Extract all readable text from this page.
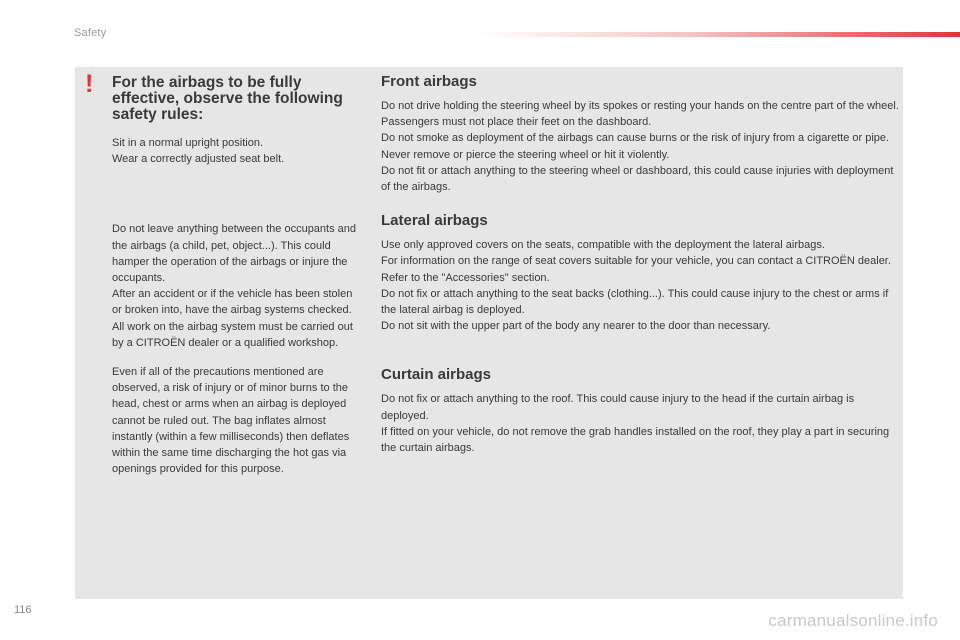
Safety
! For the airbags to be fully effective, observe the following safety rules:

Sit in a normal upright position.
Wear a correctly adjusted seat belt.

Do not leave anything between the occupants and the airbags (a child, pet, object...). This could hamper the operation of the airbags or injure the occupants.
After an accident or if the vehicle has been stolen or broken into, have the airbag systems checked.
All work on the airbag system must be carried out by a CITROËN dealer or a qualified workshop.

Even if all of the precautions mentioned are observed, a risk of injury or of minor burns to the head, chest or arms when an airbag is deployed cannot be ruled out. The bag inflates almost instantly (within a few milliseconds) then deflates within the same time discharging the hot gas via openings provided for this purpose.

Front airbags

Do not drive holding the steering wheel by its spokes or resting your hands on the centre part of the wheel.
Passengers must not place their feet on the dashboard.
Do not smoke as deployment of the airbags can cause burns or the risk of injury from a cigarette or pipe.
Never remove or pierce the steering wheel or hit it violently.
Do not fit or attach anything to the steering wheel or dashboard, this could cause injuries with deployment of the airbags.

Lateral airbags

Use only approved covers on the seats, compatible with the deployment the lateral airbags.
For information on the range of seat covers suitable for your vehicle, you can contact a CITROËN dealer.
Refer to the "Accessories" section.
Do not fix or attach anything to the seat backs (clothing...). This could cause injury to the chest or arms if the lateral airbag is deployed.
Do not sit with the upper part of the body any nearer to the door than necessary.

Curtain airbags

Do not fix or attach anything to the roof. This could cause injury to the head if the curtain airbag is deployed.
If fitted on your vehicle, do not remove the grab handles installed on the roof, they play a part in securing the curtain airbags.

116
carmanualsonline.info
